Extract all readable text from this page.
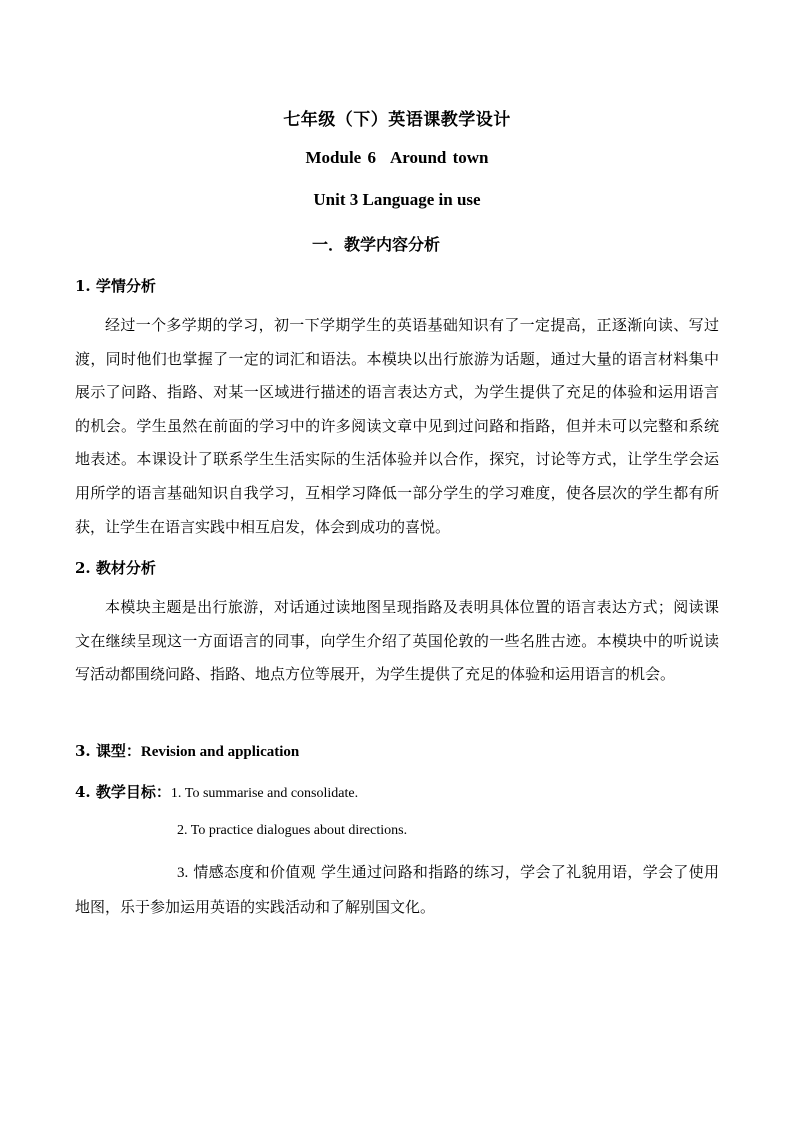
七年级（下）英语课教学设计
Module 6 Around town
Unit 3 Language in use
一．教学内容分析
1. 学情分析

经过一个多学期的学习，初一下学期学生的英语基础知识有了一定提高，正逐渐向读、写过渡，同时他们也掌握了一定的词汇和语法。本模块以出行旅游为话题，通过大量的语言材料集中展示了问路、指路、对某一区域进行描述的语言表达方式，为学生提供了充足的体验和运用语言的机会。学生虽然在前面的学习中的许多阅读文章中见到过问路和指路，但并未可以完整和系统地表述。本课设计了联系学生生活实际的生活体验并以合作，探究，讨论等方式，让学生学会运用所学的语言基础知识自我学习，互相学习降低一部分学生的学习难度，使各层次的学生都有所获，让学生在语言实践中相互启发，体会到成功的喜悦。

2. 教材分析

本模块主题是出行旅游，对话通过读地图呈现指路及表明具体位置的语言表达方式；阅读课文在继续呈现这一方面语言的同事，向学生介绍了英国伦敦的一些名胜古迹。本模块中的听说读写活动都围绕问路、指路、地点方位等展开，为学生提供了充足的体验和运用语言的机会。

3. 课型：Revision and application
4. 教学目标：1. To summarise and consolidate.
2. To practice dialogues about directions.

3. 情感态度和价值观 学生通过问路和指路的练习，学会了礼貌用语，学会了使用地图，乐于参加运用英语的实践活动和了解别国文化。
